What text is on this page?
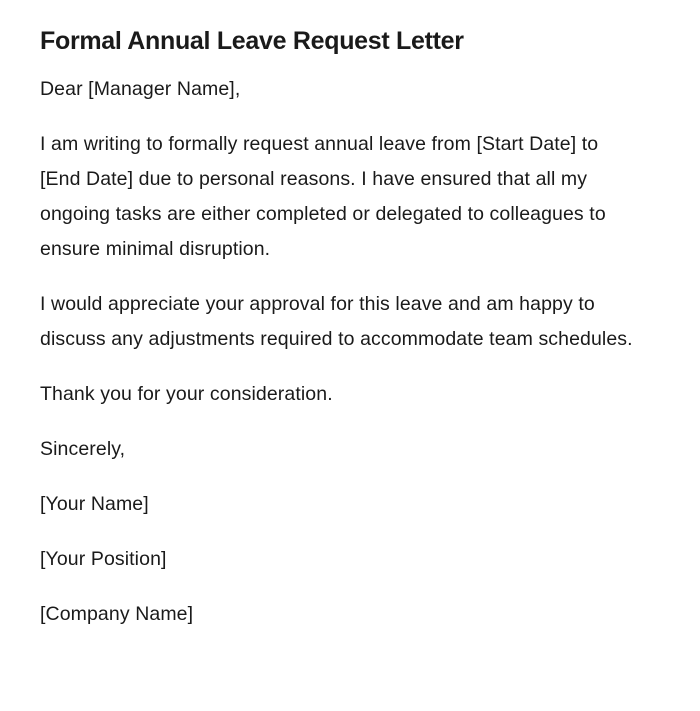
Formal Annual Leave Request Letter

Dear [Manager Name],

I am writing to formally request annual leave from [Start Date] to [End Date] due to personal reasons. I have ensured that all my ongoing tasks are either completed or delegated to colleagues to ensure minimal disruption.

I would appreciate your approval for this leave and am happy to discuss any adjustments required to accommodate team schedules.

Thank you for your consideration.

Sincerely,

[Your Name]

[Your Position]

[Company Name]
